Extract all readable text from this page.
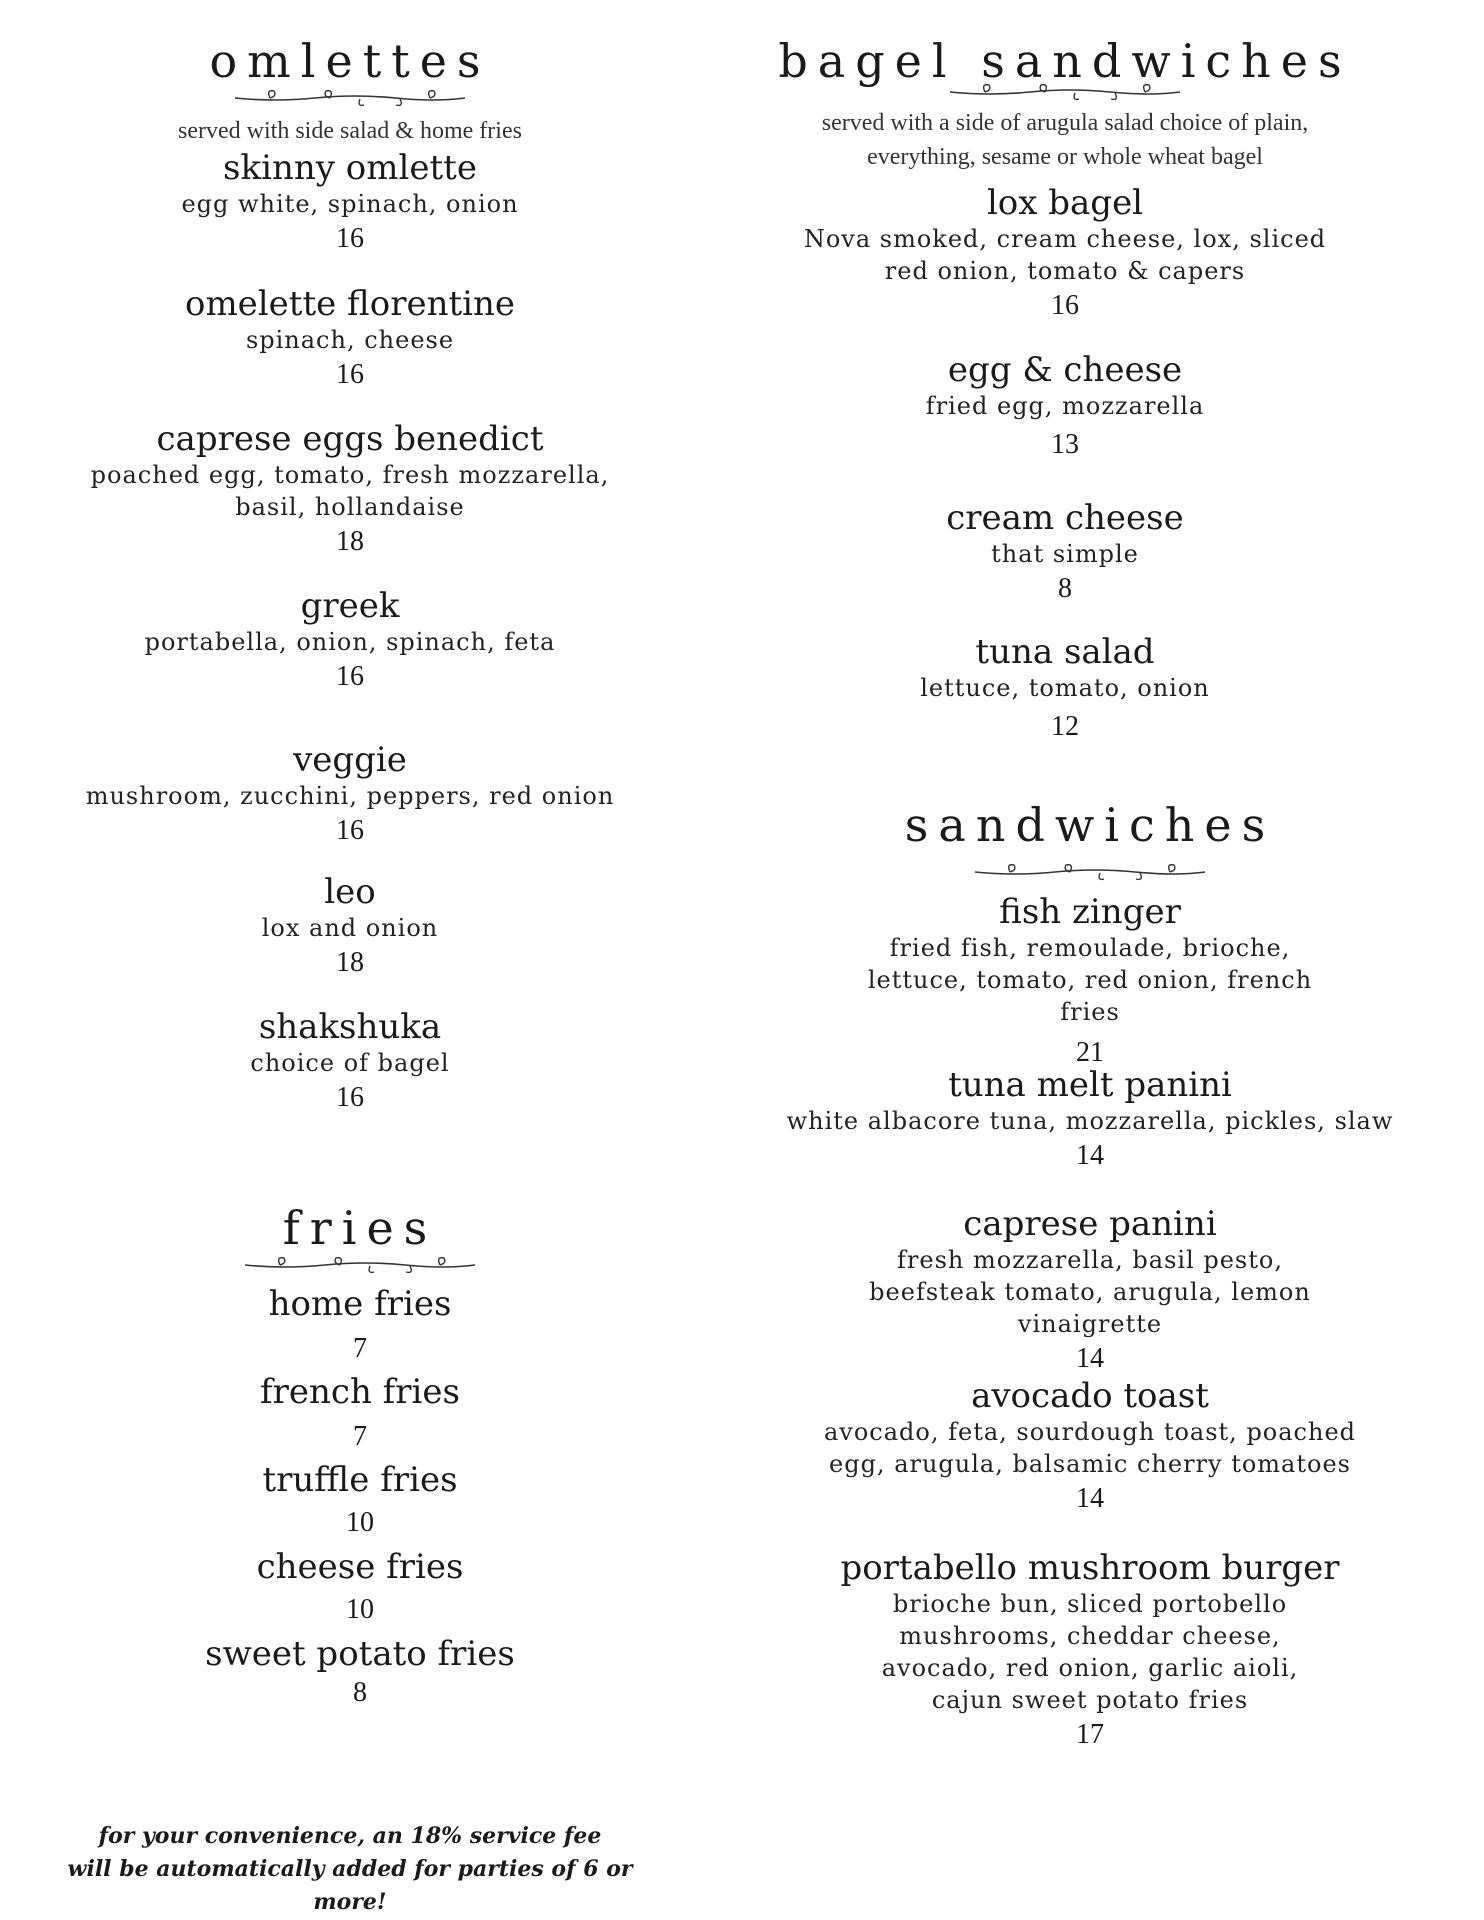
omlettes

served with side salad & home fries

skinny omlette

egg white, spinach, onion

16

omelette florentine

spinach, cheese

16

caprese eggs benedict

poached egg, tomato, fresh mozzarella, basil, hollandaise

18

greek

portabella, onion, spinach, feta

16

veggie

mushroom, zucchini, peppers, red onion

16

leo

lox and onion

18

shakshuka

choice of bagel

16

fries

home fries

7

french fries

7

truffle fries

10

cheese fries

10

sweet potato fries

8

bagel sandwiches

served with a side of arugula salad choice of plain,

everything, sesame or whole wheat bagel

lox bagel

Nova smoked, cream cheese, lox, sliced red onion, tomato & capers

16

egg & cheese

fried egg, mozzarella

13

cream cheese

that simple

8

tuna salad

lettuce, tomato, onion

12

sandwiches

fish zinger

fried fish, remoulade, brioche, lettuce, tomato, red onion, french fries

21

tuna melt panini

white albacore tuna, mozzarella, pickles, slaw

14

caprese panini

fresh mozzarella, basil pesto, beefsteak tomato, arugula, lemon vinaigrette

14

avocado toast

avocado, feta, sourdough toast, poached egg, arugula, balsamic cherry tomatoes

14

portabello mushroom burger

brioche bun, sliced portobello mushrooms, cheddar cheese, avocado, red onion, garlic aioli, cajun sweet potato fries

17

for your convenience, an 18% service fee
will be automatically added for parties of 6 or more!
